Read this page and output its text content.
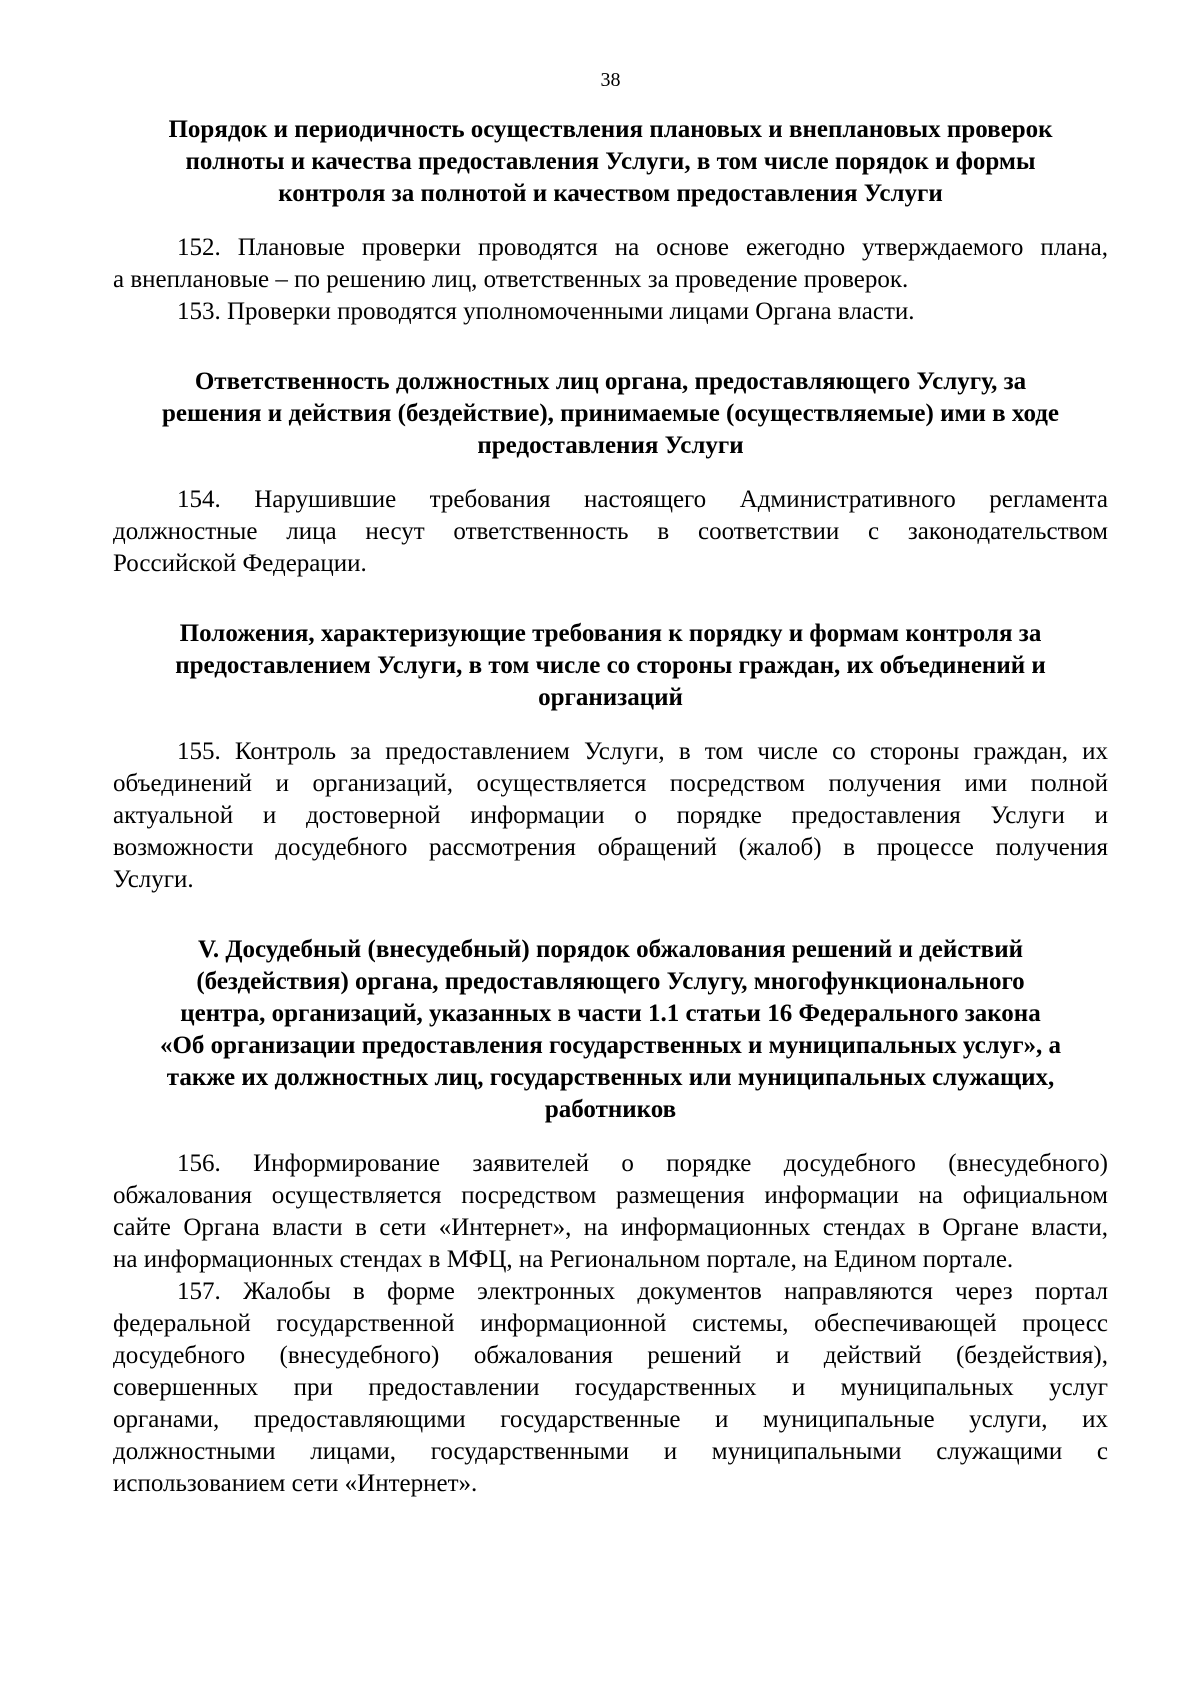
38
Порядок и периодичность осуществления плановых и внеплановых проверок
полноты и качества предоставления Услуги, в том числе порядок и формы
контроля за полнотой и качеством предоставления Услуги
152. Плановые проверки проводятся на основе ежегодно утверждаемого плана,
а внеплановые – по решению лиц, ответственных за проведение проверок.
153. Проверки проводятся уполномоченными лицами Органа власти.
Ответственность должностных лиц органа, предоставляющего Услугу, за
решения и действия (бездействие), принимаемые (осуществляемые) ими в ходе
предоставления Услуги
154. Нарушившие требования настоящего Административного регламента
должностные лица несут ответственность в соответствии с законодательством
Российской Федерации.
Положения, характеризующие требования к порядку и формам контроля за
предоставлением Услуги, в том числе со стороны граждан, их объединений и
организаций
155. Контроль за предоставлением Услуги, в том числе со стороны граждан, их
объединений и организаций, осуществляется посредством получения ими полной
актуальной и достоверной информации о порядке предоставления Услуги и
возможности досудебного рассмотрения обращений (жалоб) в процессе получения
Услуги.
V. Досудебный (внесудебный) порядок обжалования решений и действий
(бездействия) органа, предоставляющего Услугу, многофункционального
центра, организаций, указанных в части 1.1 статьи 16 Федерального закона
«Об организации предоставления государственных и муниципальных услуг», а
также их должностных лиц, государственных или муниципальных служащих,
работников
156. Информирование заявителей о порядке досудебного (внесудебного)
обжалования осуществляется посредством размещения информации на официальном
сайте Органа власти в сети «Интернет», на информационных стендах в Органе власти,
на информационных стендах в МФЦ, на Региональном портале, на Едином портале.
157. Жалобы в форме электронных документов направляются через портал
федеральной государственной информационной системы, обеспечивающей процесс
досудебного (внесудебного) обжалования решений и действий (бездействия),
совершенных при предоставлении государственных и муниципальных услуг
органами, предоставляющими государственные и муниципальные услуги, их
должностными лицами, государственными и муниципальными служащими с
использованием сети «Интернет».
